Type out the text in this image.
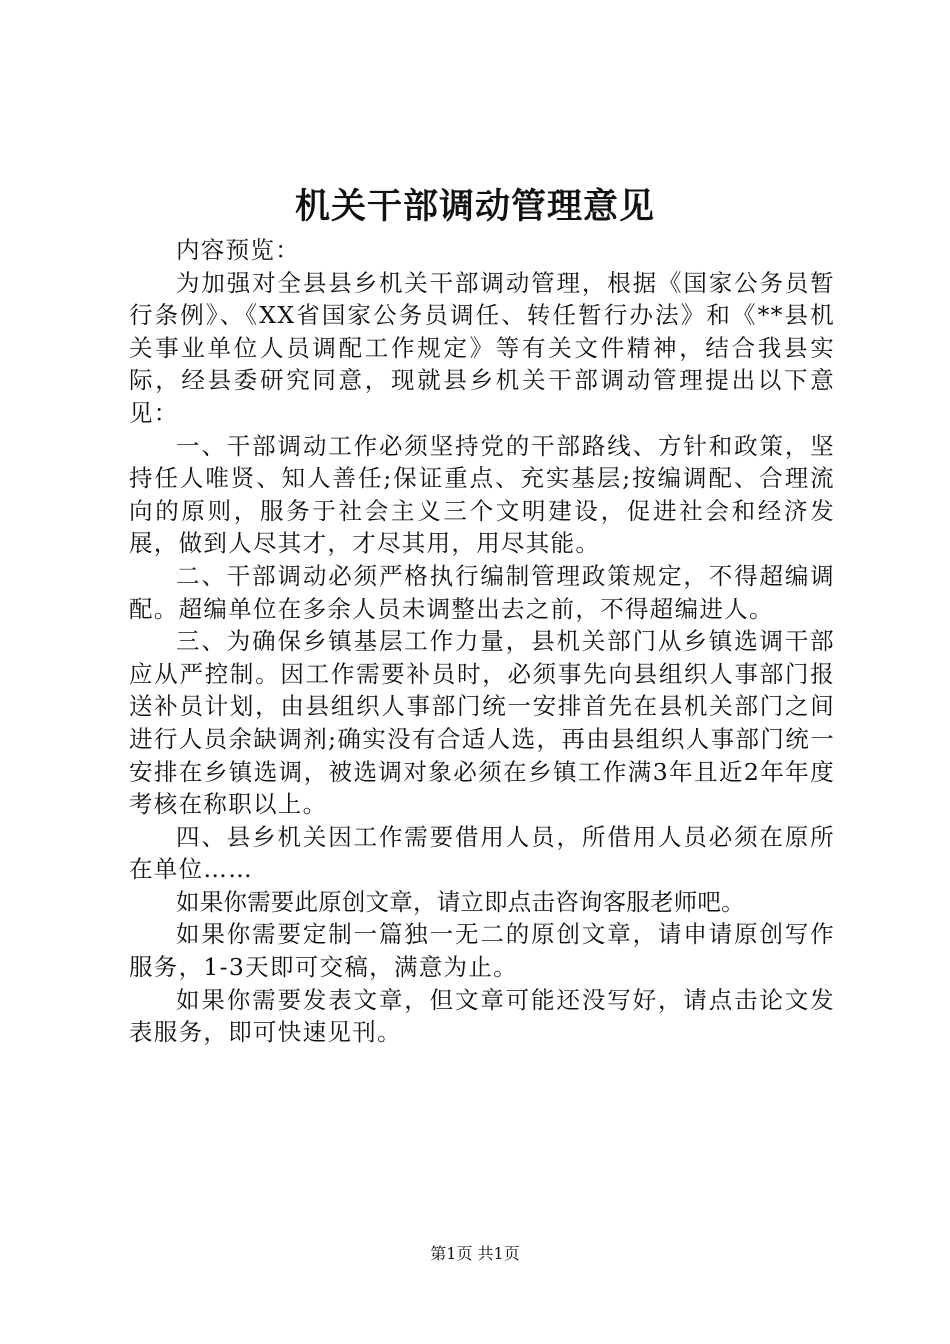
机关干部调动管理意见

内容预览：

为加强对全县县乡机关干部调动管理，根据《国家公务员暂行条例》、《XX省国家公务员调任、转任暂行办法》和《**县机关事业单位人员调配工作规定》等有关文件精神，结合我县实际，经县委研究同意，现就县乡机关干部调动管理提出以下意见：

一、干部调动工作必须坚持党的干部路线、方针和政策，坚持任人唯贤、知人善任;保证重点、充实基层;按编调配、合理流向的原则，服务于社会主义三个文明建设，促进社会和经济发展，做到人尽其才，才尽其用，用尽其能。

二、干部调动必须严格执行编制管理政策规定，不得超编调配。超编单位在多余人员未调整出去之前，不得超编进人。

三、为确保乡镇基层工作力量，县机关部门从乡镇选调干部应从严控制。因工作需要补员时，必须事先向县组织人事部门报送补员计划，由县组织人事部门统一安排首先在县机关部门之间进行人员余缺调剂;确实没有合适人选，再由县组织人事部门统一安排在乡镇选调，被选调对象必须在乡镇工作满3年且近2年年度考核在称职以上。

四、县乡机关因工作需要借用人员，所借用人员必须在原所在单位……

如果你需要此原创文章，请立即点击咨询客服老师吧。

如果你需要定制一篇独一无二的原创文章，请申请原创写作服务，1-3天即可交稿，满意为止。

如果你需要发表文章，但文章可能还没写好，请点击论文发表服务，即可快速见刊。

第1页 共1页
